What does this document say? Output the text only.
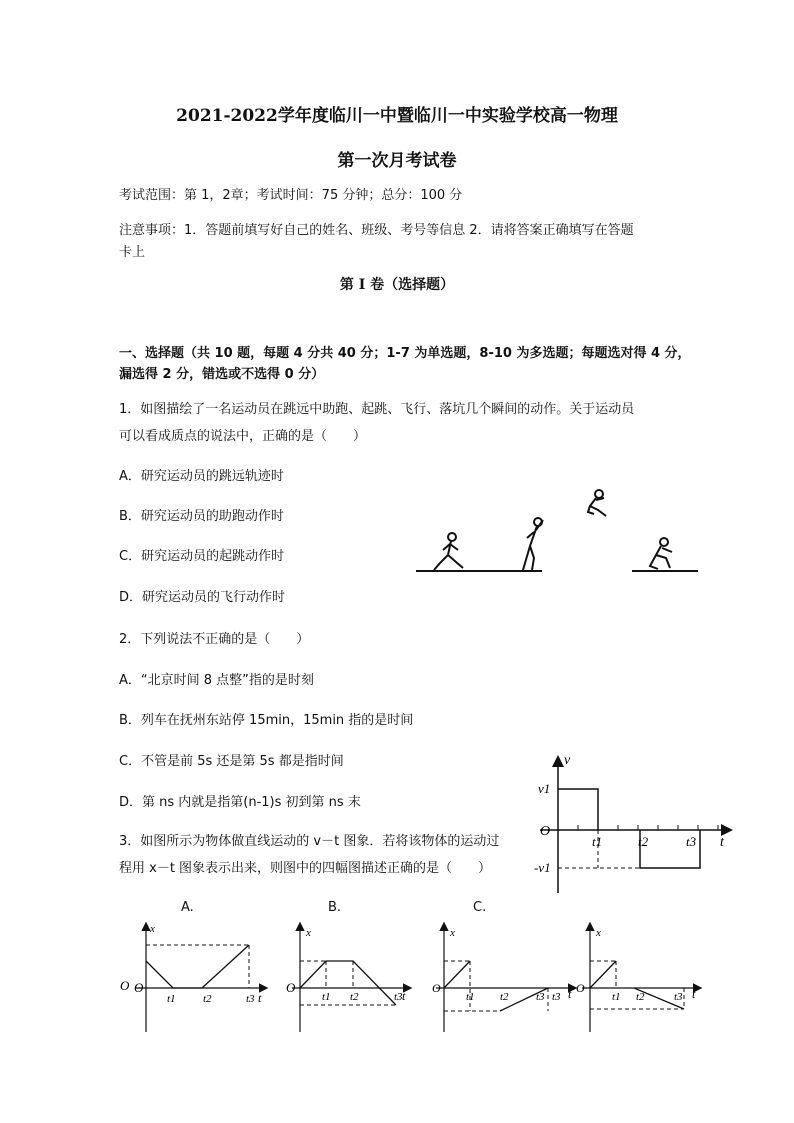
2021-2022学年度临川一中暨临川一中实验学校高一物理
第一次月考试卷
考试范围：第 1，2章；考试时间：75 分钟；总分：100 分
注意事项：1．答题前填写好自己的姓名、班级、考号等信息 2．请将答案正确填写在答题
卡上
第 I 卷（选择题）
一、选择题（共 10 题，每题 4 分共 40 分；1-7 为单选题，8-10 为多选题；每题选对得 4 分，
漏选得 2 分，错选或不选得 0 分）
1．如图描绘了一名运动员在跳远中助跑、起跳、飞行、落坑几个瞬间的动作。关于运动员
可以看成质点的说法中，正确的是（　　）
A．研究运动员的跳远轨迹时
B．研究运动员的助跑动作时
C．研究运动员的起跳动作时
D．研究运动员的飞行动作时
2．下列说法不正确的是（　　）
A．“北京时间 8 点整”指的是时刻
B．列车在抚州东站停 15min，15min 指的是时间
C．不管是前 5s 还是第 5s 都是指时间
D．第 ns 内就是指第(n-1)s 初到第 ns 末
3．如图所示为物体做直线运动的 v－t 图象．若将该物体的运动过
程用 x－t 图象表示出来，则图中的四幅图描述正确的是（　　）
v
v1
O
-v1
t1	t2	t3 t
A.	B.	C.
x
O O
t1 t2	t3 t
x
O
t1 t2	t3 t
x
O
t1 t2 t3 t3 t
x
O
t1 t2	t3 t
